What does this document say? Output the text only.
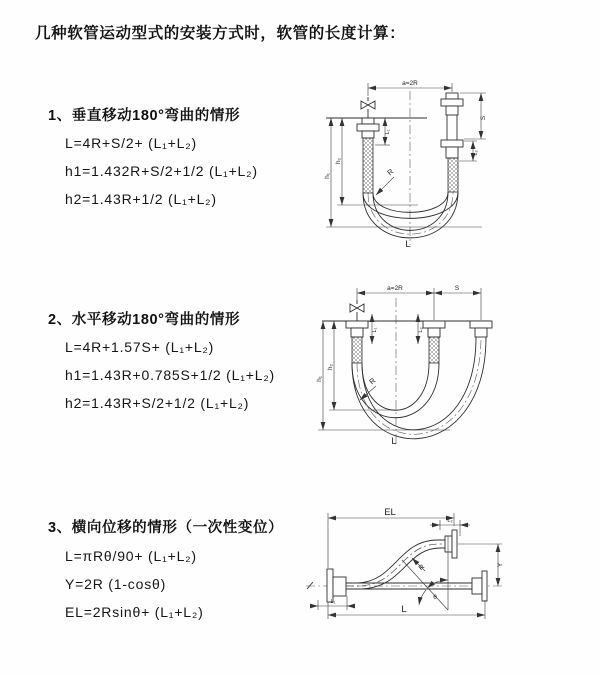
几种软管运动型式的安装方式时，软管的长度计算：
1、垂直移动180°弯曲的情形
L=4R+S/2+ (L₁+L₂)
h1=1.432R+S/2+1/2 (L₁+L₂)
h2=1.43R+1/2 (L₁+L₂)
2、水平移动180°弯曲的情形
L=4R+1.57S+ (L₁+L₂)
h1=1.43R+0.785S+1/2 (L₁+L₂)
h2=1.43R+S/2+1/2 (L₁+L₂)
3、横向位移的情形（一次性变位）
L=πRθ/90+ (L₁+L₂)
Y=2R (1-cosθ)
EL=2Rsinθ+ (L₁+L₂)
a=2R
L₁
S
L₂
h₂
h₁	R
L
a=2R	S
L₁	L₂
h₂
h₁	R
L
EL
L₂
Y
θ
R
L₁
L
